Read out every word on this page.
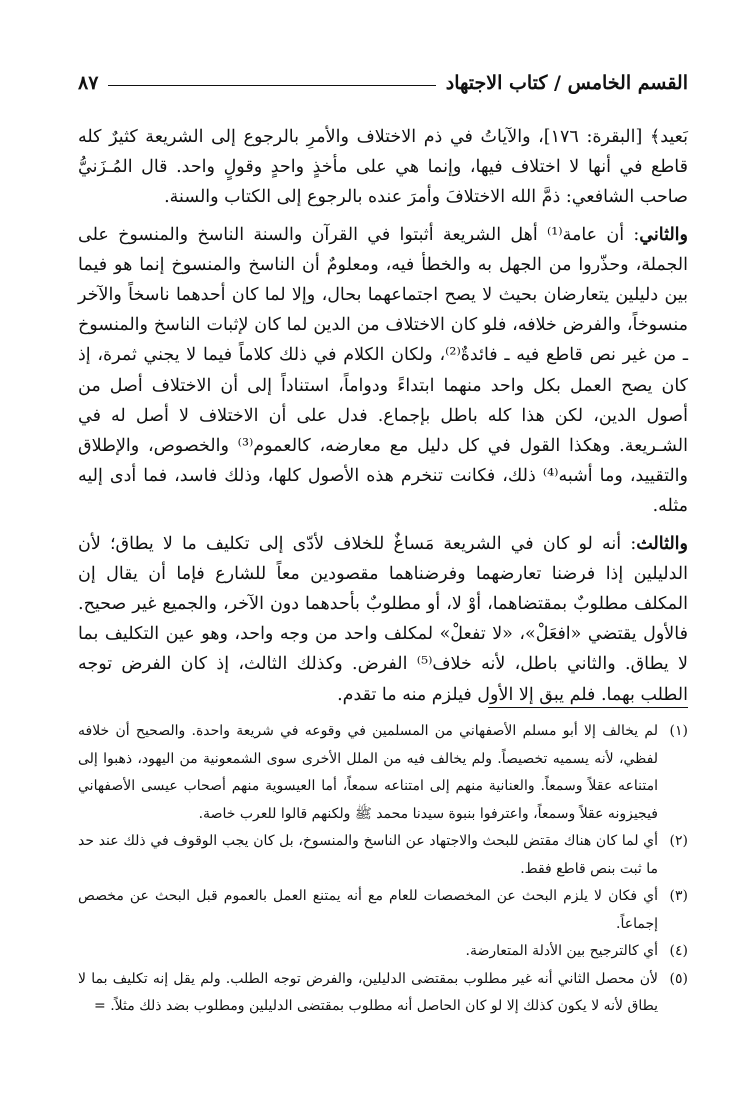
القسم الخامس / كتاب الاجتهاد
٨٧

بَعيد﴾ [البقرة: ١٧٦]، والآياتُ في ذم الاختلاف والأمرِ بالرجوع إلى الشريعة كثيرٌ كله قاطع في أنها لا اختلاف فيها، وإنما هي على مأخذٍ واحدٍ وقولٍ واحد. قال المُـزَنيُّ صاحب الشافعي: ذمَّ الله الاختلافَ وأمرَ عنده بالرجوع إلى الكتاب والسنة.

والثاني: أن عامة⁽¹⁾ أهل الشريعة أثبتوا في القرآن والسنة الناسخ والمنسوخ على الجملة، وحذّروا من الجهل به والخطأ فيه، ومعلومٌ أن الناسخ والمنسوخ إنما هو فيما بين دليلين يتعارضان بحيث لا يصح اجتماعهما بحال، وإلا لما كان أحدهما ناسخاً والآخر منسوخاً، والفرض خلافه، فلو كان الاختلاف من الدين لما كان لإثبات الناسخ والمنسوخ ـ من غير نص قاطع فيه ـ فائدةٌ⁽²⁾، ولكان الكلام في ذلك كلاماً فيما لا يجني ثمرة، إذ كان يصح العمل بكل واحد منهما ابتداءً ودواماً، استناداً إلى أن الاختلاف أصل من أصول الدين، لكن هذا كله باطل بإجماع. فدل على أن الاختلاف لا أصل له في الشـريعة. وهكذا القول في كل دليل مع معارضه، كالعموم⁽³⁾ والخصوص، والإطلاق والتقييد، وما أشبه⁽⁴⁾ ذلك، فكانت تنخرم هذه الأصول كلها، وذلك فاسد، فما أدى إليه مثله.

والثالث: أنه لو كان في الشريعة مَساغٌ للخلاف لأدّى إلى تكليف ما لا يطاق؛ لأن الدليلين إذا فرضنا تعارضهما وفرضناهما مقصودين معاً للشارع فإما أن يقال إن المكلف مطلوبٌ بمقتضاهما، أوْ لا، أو مطلوبٌ بأحدهما دون الآخر، والجميع غير صحيح. فالأول يقتضي «افعَلْ»، «لا تفعلْ» لمكلف واحد من وجه واحد، وهو عين التكليف بما لا يطاق. والثاني باطل، لأنه خلاف⁽⁵⁾ الفرض. وكذلك الثالث، إذ كان الفرض توجه الطلب بهما. فلم يبق إلا الأول فيلزم منه ما تقدم.

(١)
لم يخالف إلا أبو مسلم الأصفهاني من المسلمين في وقوعه في شريعة واحدة. والصحيح أن خلافه لفظي، لأنه يسميه تخصيصاً. ولم يخالف فيه من الملل الأخرى سوى الشمعونية من اليهود، ذهبوا إلى امتناعه عقلاً وسمعاً. والعنانية منهم إلى امتناعه سمعاً، أما العيسوية منهم أصحاب عيسى الأصفهاني فيجيزونه عقلاً وسمعاً، واعترفوا بنبوة سيدنا محمد ﷺ ولكنهم قالوا للعرب خاصة.
(٢)
أي لما كان هناك مقتض للبحث والاجتهاد عن الناسخ والمنسوخ، بل كان يجب الوقوف في ذلك عند حد ما ثبت بنص قاطع فقط.
(٣)
أي فكان لا يلزم البحث عن المخصصات للعام مع أنه يمتنع العمل بالعموم قبل البحث عن مخصص إجماعاً.
(٤)
أي كالترجيح بين الأدلة المتعارضة.
(٥)
لأن محصل الثاني أنه غير مطلوب بمقتضى الدليلين، والفرض توجه الطلب. ولم يقل إنه تكليف بما لا يطاق لأنه لا يكون كذلك إلا لو كان الحاصل أنه مطلوب بمقتضى الدليلين ومطلوب بضد ذلك مثلاً. =
